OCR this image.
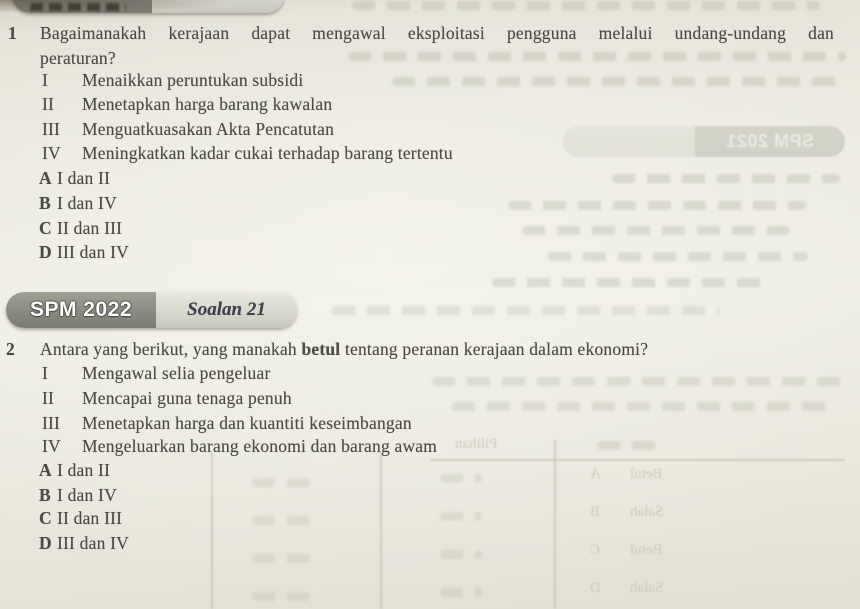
SPM 2021
Pilihan
A Betul
B Salah
C Betul
D Salah
1 Bagaimanakah kerajaan dapat mengawal eksploitasi pengguna melalui undang-undang dan
peraturan?
I Menaikkan peruntukan subsidi
II Menetapkan harga barang kawalan
III Menguatkuasakan Akta Pencatutan
IV Meningkatkan kadar cukai terhadap barang tertentu
A I dan II
B I dan IV
C II dan III
D III dan IV
SPM 2022	Soalan 21
2 Antara yang berikut, yang manakah betul tentang peranan kerajaan dalam ekonomi?
I Mengawal selia pengeluar
II Mencapai guna tenaga penuh
III Menetapkan harga dan kuantiti keseimbangan
IV Mengeluarkan barang ekonomi dan barang awam
A I dan II
B I dan IV
C II dan III
D III dan IV
